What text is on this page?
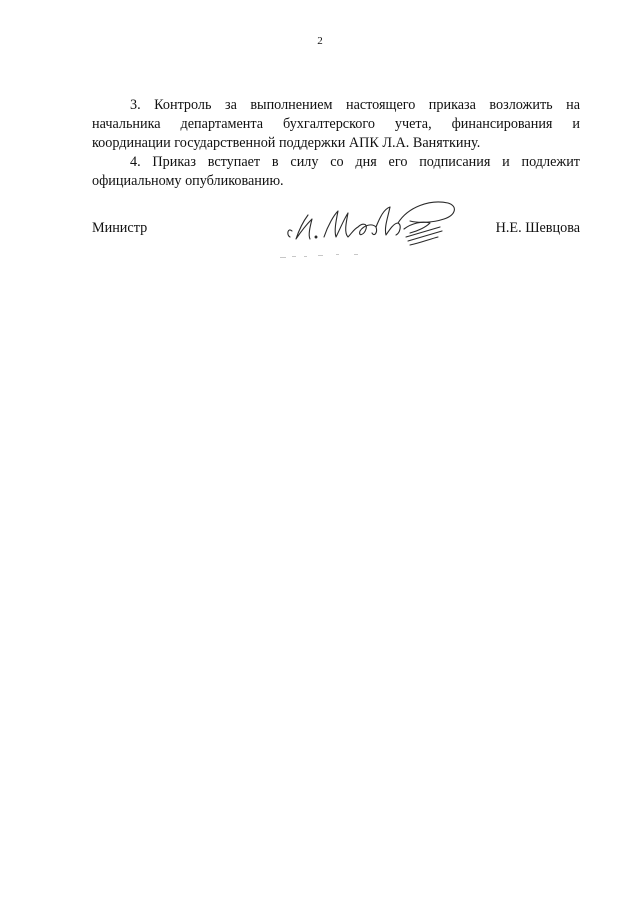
2

3. Контроль за выполнением настоящего приказа возложить на начальника департамента бухгалтерского учета, финансирования и координации государственной поддержки АПК Л.А. Ваняткину.

4. Приказ вступает в силу со дня его подписания и подлежит официальному опубликованию.

Министр	Н.Е. Шевцова
